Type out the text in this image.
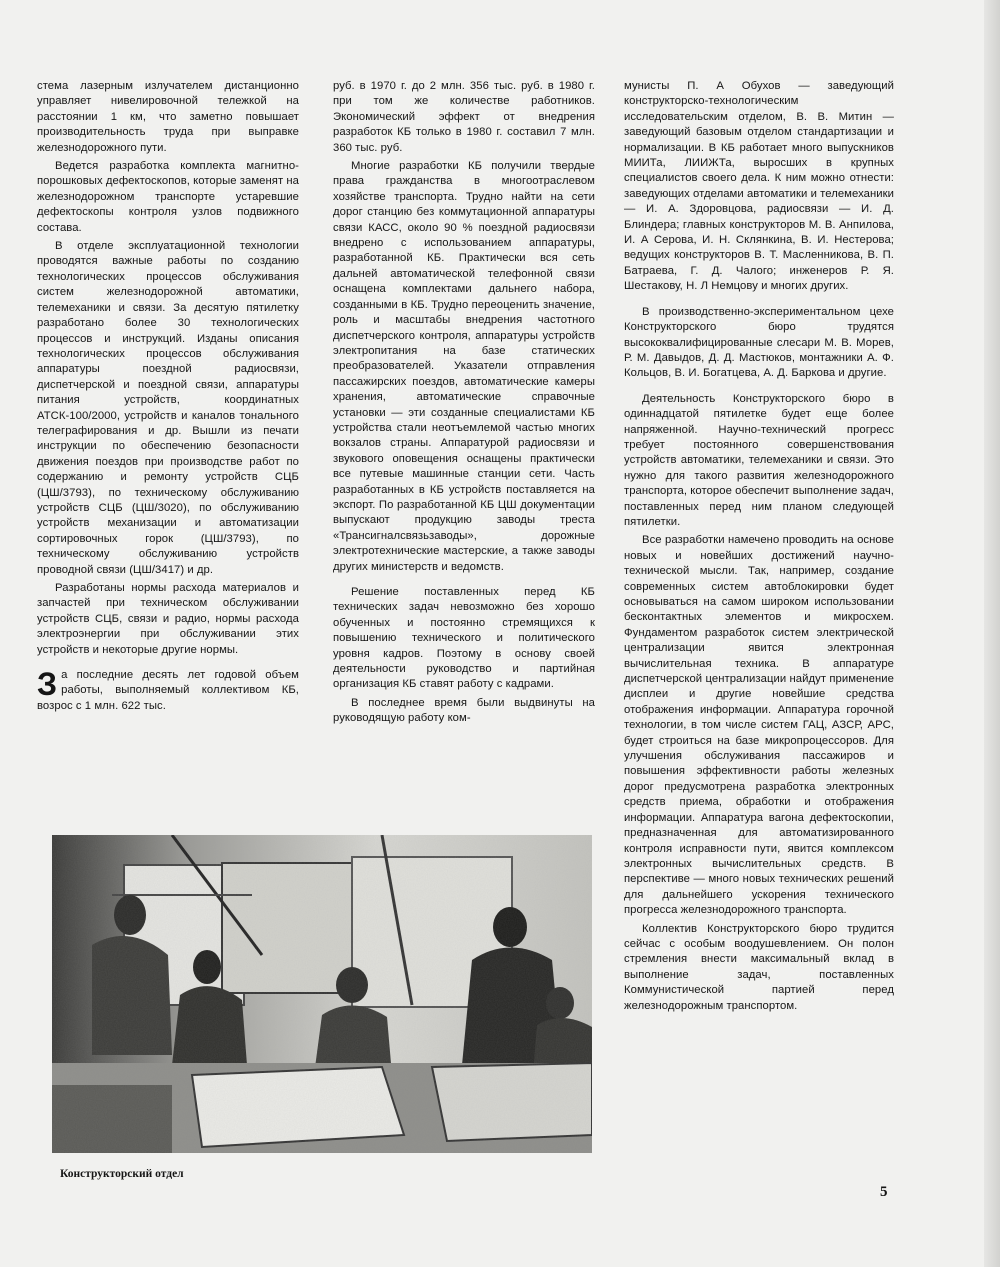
стема лазерным излучателем дистанционно управляет нивелировочной тележкой на расстоянии 1 км, что заметно повышает производительность труда при выправке железнодорожного пути.

Ведется разработка комплекта магнитно-порошковых дефектоскопов, которые заменят на железнодорожном транспорте устаревшие дефектоскопы контроля узлов подвижного состава.

В отделе эксплуатационной технологии проводятся важные работы по созданию технологических процессов обслуживания систем железнодорожной автоматики, телемеханики и связи. За десятую пятилетку разработано более 30 технологических процессов и инструкций. Изданы описания технологических процессов обслуживания аппаратуры поездной радиосвязи, диспетчерской и поездной связи, аппаратуры питания устройств, координатных АТСК-100/2000, устройств и каналов тонального телеграфирования и др. Вышли из печати инструкции по обеспечению безопасности движения поездов при производстве работ по содержанию и ремонту устройств СЦБ (ЦШ/3793), по техническому обслуживанию устройств СЦБ (ЦШ/3020), по обслуживанию устройств механизации и автоматизации сортировочных горок (ЦШ/3793), по техническому обслуживанию устройств проводной связи (ЦШ/3417) и др.

Разработаны нормы расхода материалов и запчастей при техническом обслуживании устройств СЦБ, связи и радио, нормы расхода электроэнергии при обслуживании этих устройств и некоторые другие нормы.

За последние десять лет годовой объем работы, выполняемый коллективом КБ, возрос с 1 млн. 622 тыс.

руб. в 1970 г. до 2 млн. 356 тыс. руб. в 1980 г. при том же количестве работников. Экономический эффект от внедрения разработок КБ только в 1980 г. составил 7 млн. 360 тыс. руб.

Многие разработки КБ получили твердые права гражданства в многоотраслевом хозяйстве транспорта. Трудно найти на сети дорог станцию без коммутационной аппаратуры связи КАСС, около 90 % поездной радиосвязи внедрено с использованием аппаратуры, разработанной КБ. Практически вся сеть дальней автоматической телефонной связи оснащена комплектами дальнего набора, созданными в КБ. Трудно переоценить значение, роль и масштабы внедрения частотного диспетчерского контроля, аппаратуры устройств электропитания на базе статических преобразователей. Указатели отправления пассажирских поездов, автоматические камеры хранения, автоматические справочные установки — эти созданные специалистами КБ устройства стали неотъемлемой частью многих вокзалов страны. Аппаратурой радиосвязи и звукового оповещения оснащены практически все путевые машинные станции сети. Часть разработанных в КБ устройств поставляется на экспорт. По разработанной КБ ЦШ документации выпускают продукцию заводы треста «Трансигналсвязьзаводы», дорожные электротехнические мастерские, а также заводы других министерств и ведомств.

Решение поставленных перед КБ технических задач невозможно без хорошо обученных и постоянно стремящихся к повышению технического и политического уровня кадров. Поэтому в основу своей деятельности руководство и партийная организация КБ ставят работу с кадрами.

В последнее время были выдвинуты на руководящую работу ком-

мунисты П. А Обухов — заведующий конструкторско-технологическим исследовательским отделом, В. В. Митин — заведующий базовым отделом стандартизации и нормализации. В КБ работает много выпускников МИИТа, ЛИИЖТа, выросших в крупных специалистов своего дела. К ним можно отнести: заведующих отделами автоматики и телемеханики — И. А. Здоровцова, радиосвязи — И. Д. Блиндера; главных конструкторов М. В. Анпилова, И. А Серова, И. Н. Склянкина, В. И. Нестерова; ведущих конструкторов В. Т. Масленникова, В. П. Батраева, Г. Д. Чалого; инженеров Р. Я. Шестакову, Н. Л Немцову и многих других.

В производственно-экспериментальном цехе Конструкторского бюро трудятся высококвалифицированные слесари М. В. Морев, Р. М. Давыдов, Д. Д. Мастюков, монтажники А. Ф. Кольцов, В. И. Богатцева, А. Д. Баркова и другие.

Деятельность Конструкторского бюро в одиннадцатой пятилетке будет еще более напряженной. Научно-технический прогресс требует постоянного совершенствования устройств автоматики, телемеханики и связи. Это нужно для такого развития железнодорожного транспорта, которое обеспечит выполнение задач, поставленных перед ним планом следующей пятилетки.

Все разработки намечено проводить на основе новых и новейших достижений научно-технической мысли. Так, например, создание современных систем автоблокировки будет основываться на самом широком использовании бесконтактных элементов и микросхем. Фундаментом разработок систем электрической централизации явится электронная вычислительная техника. В аппаратуре диспетчерской централизации найдут применение дисплеи и другие новейшие средства отображения информации. Аппаратура горочной технологии, в том числе систем ГАЦ, АЗСР, АРС, будет строиться на базе микропроцессоров. Для улучшения обслуживания пассажиров и повышения эффективности работы железных дорог предусмотрена разработка электронных средств приема, обработки и отображения информации. Аппаратура вагона дефектоскопии, предназначенная для автоматизированного контроля исправности пути, явится комплексом электронных вычислительных средств. В перспективе — много новых технических решений для дальнейшего ускорения технического прогресса железнодорожного транспорта.

Коллектив Конструкторского бюро трудится сейчас с особым воодушевлением. Он полон стремления внести максимальный вклад в выполнение задач, поставленных Коммунистической партией перед железнодорожным транспортом.

Конструкторский отдел
5
